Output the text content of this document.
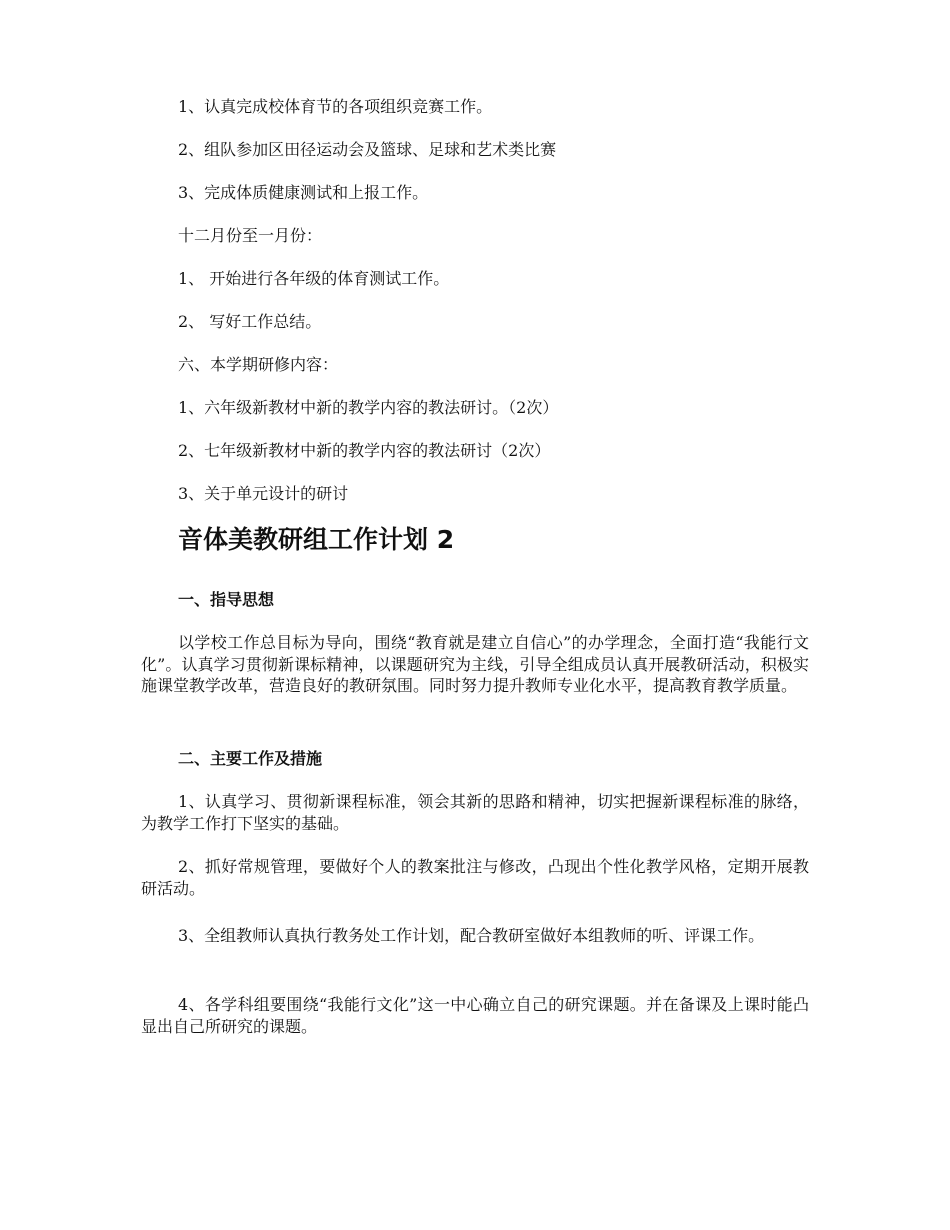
1、认真完成校体育节的各项组织竞赛工作。

2、组队参加区田径运动会及篮球、足球和艺术类比赛

3、完成体质健康测试和上报工作。

十二月份至一月份：

1、 开始进行各年级的体育测试工作。

2、 写好工作总结。

六、本学期研修内容：

1、六年级新教材中新的教学内容的教法研讨。（2次）

2、七年级新教材中新的教学内容的教法研讨（2次）

3、关于单元设计的研讨

音体美教研组工作计划 2
一、指导思想

以学校工作总目标为导向，围绕“教育就是建立自信心”的办学理念，全面打造“我能行文化”。认真学习贯彻新课标精神，以课题研究为主线，引导全组成员认真开展教研活动，积极实施课堂教学改革，营造良好的教研氛围。同时努力提升教师专业化水平，提高教育教学质量。

二、主要工作及措施

1、认真学习、贯彻新课程标准，领会其新的思路和精神，切实把握新课程标准的脉络，为教学工作打下坚实的基础。

2、抓好常规管理，要做好个人的教案批注与修改，凸现出个性化教学风格，定期开展教研活动。

3、全组教师认真执行教务处工作计划，配合教研室做好本组教师的听、评课工作。

4、各学科组要围绕“我能行文化”这一中心确立自己的研究课题。并在备课及上课时能凸显出自己所研究的课题。
